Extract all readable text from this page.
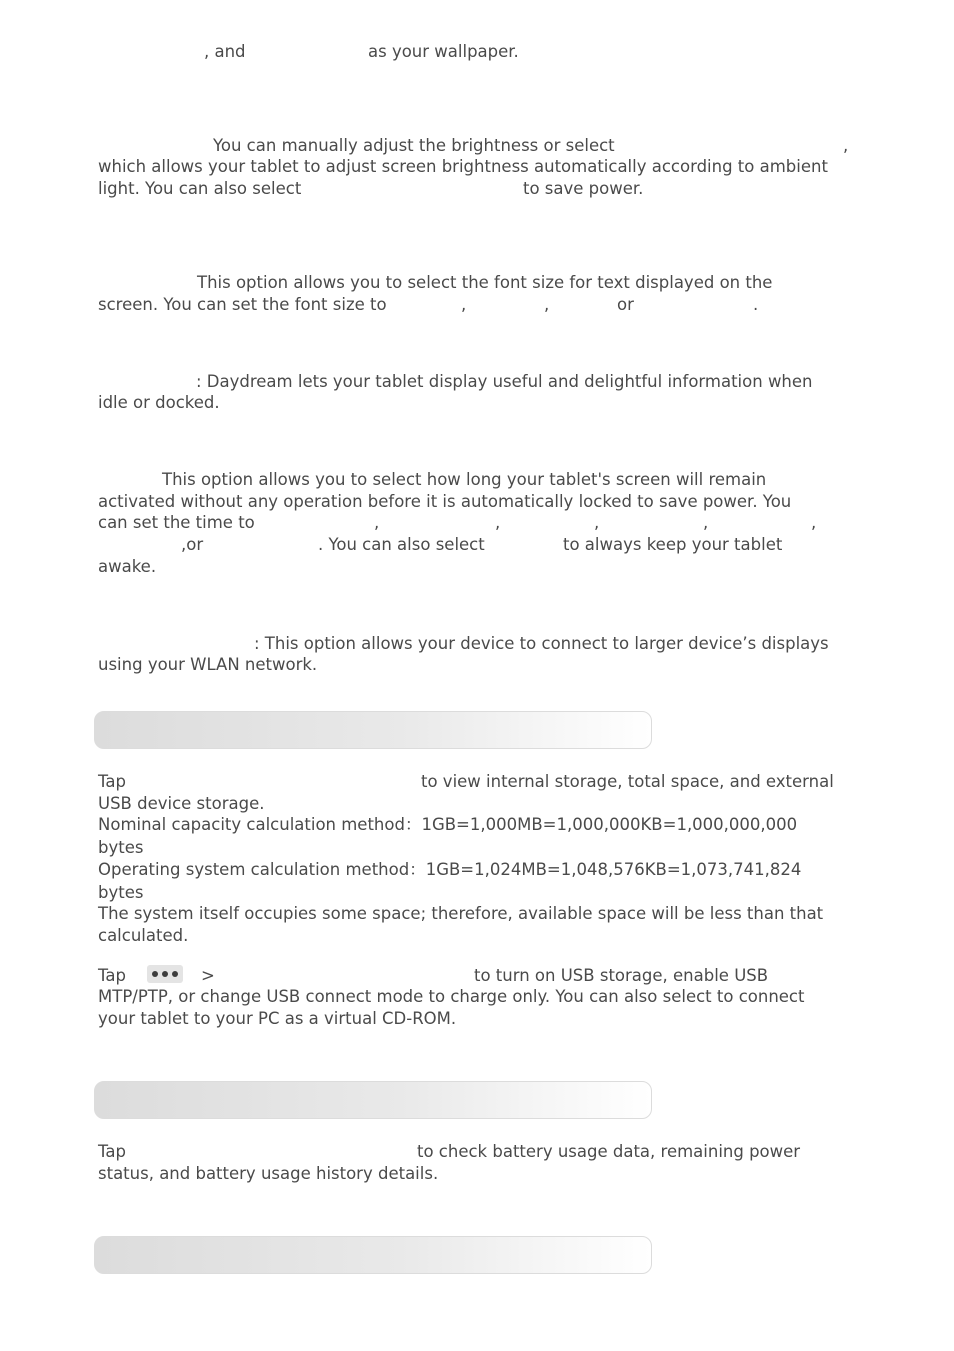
, and	as your wallpaper.

You can manually adjust the brightness or select	,

which allows your tablet to adjust screen brightness automatically according to ambient

light. You can also select	to save power.

This option allows you to select the font size for text displayed on the

screen. You can set the font size to	,	,	or	.

: Daydream lets your tablet display useful and delightful information when

idle or docked.

This option allows you to select how long your tablet's screen will remain

activated without any operation before it is automatically locked to save power. You

can set the time to	,	,	,	,	,

,or	. You can also select	to always keep your tablet

awake.

: This option allows your device to connect to larger device’s displays

using your WLAN network.

Tap	to view internal storage, total space, and external

USB device storage.

Nominal capacity calculation method：1GB=1,000MB=1,000,000KB=1,000,000,000

bytes

Operating system calculation method：1GB=1,024MB=1,048,576KB=1,073,741,824

bytes

The system itself occupies some space; therefore, available space will be less than that

calculated.

Tap	>	to turn on USB storage, enable USB

MTP/PTP, or change USB connect mode to charge only. You can also select to connect

your tablet to your PC as a virtual CD-ROM.

Tap	to check battery usage data, remaining power

status, and battery usage history details.
